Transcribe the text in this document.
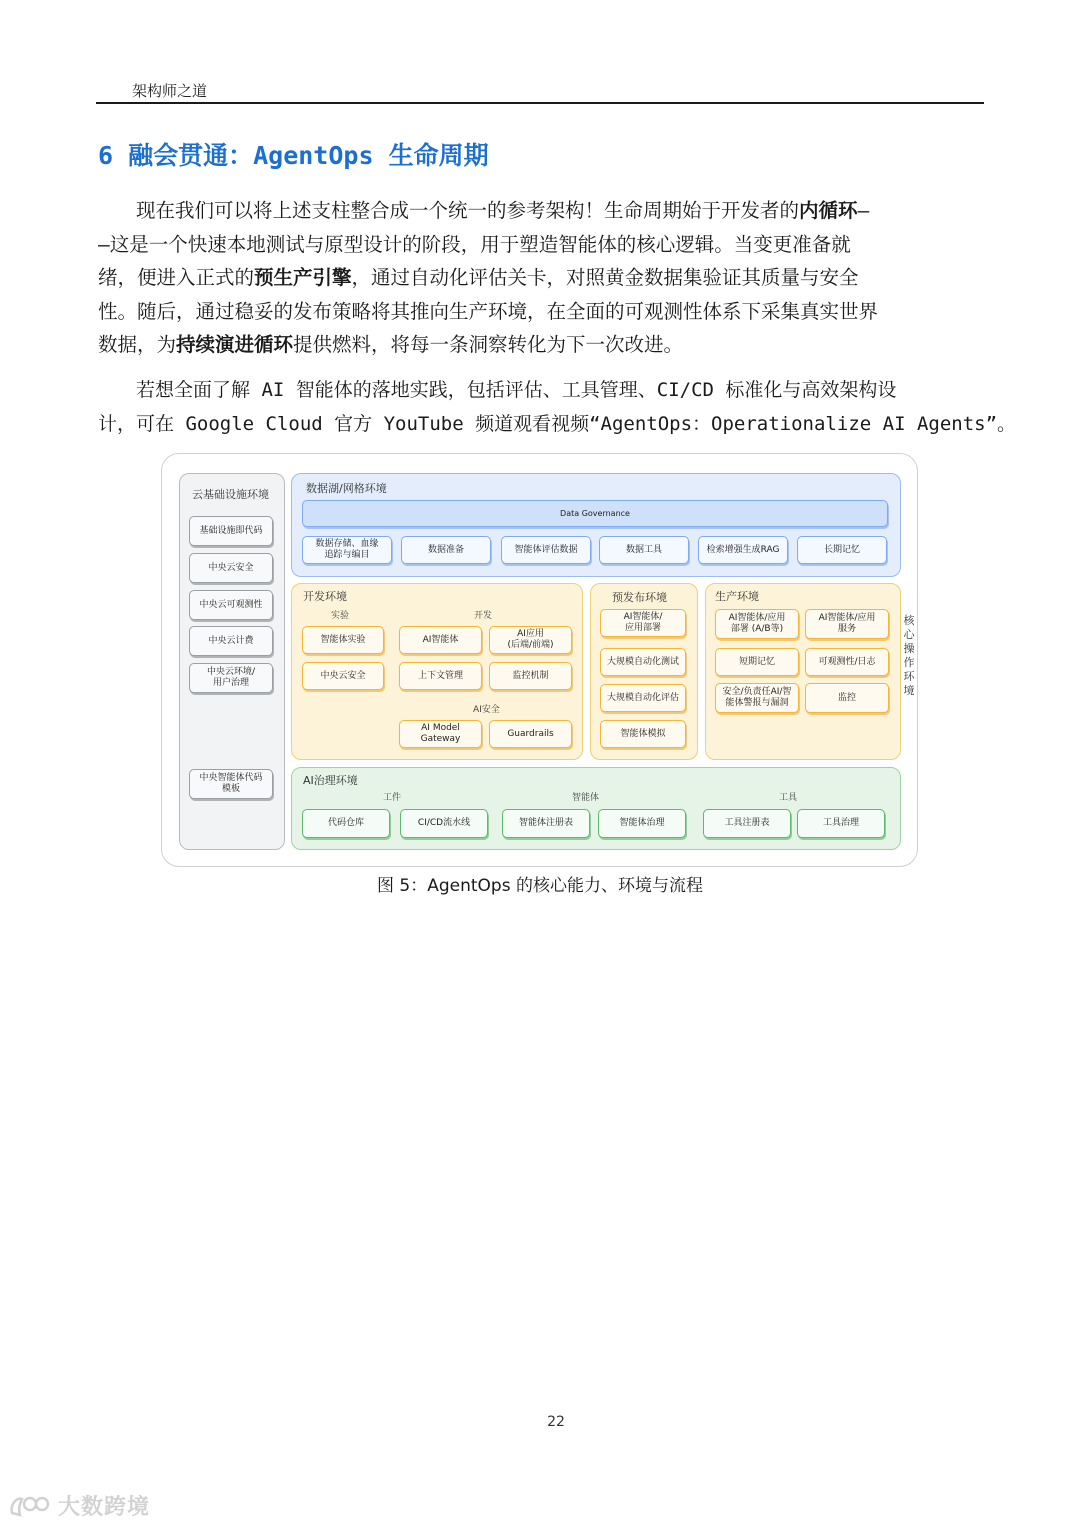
架构师之道
6 融会贯通：AgentOps 生命周期
现在我们可以将上述支柱整合成一个统一的参考架构！生命周期始于开发者的内循环—
—这是一个快速本地测试与原型设计的阶段，用于塑造智能体的核心逻辑。当变更准备就
绪，便进入正式的预生产引擎，通过自动化评估关卡，对照黄金数据集验证其质量与安全
性。随后，通过稳妥的发布策略将其推向生产环境，在全面的可观测性体系下采集真实世界
数据，为持续演进循环提供燃料，将每一条洞察转化为下一次改进。
若想全面了解 AI 智能体的落地实践，包括评估、工具管理、CI/CD 标准化与高效架构设
计，可在 Google Cloud 官方 YouTube 频道观看视频“AgentOps：Operationalize AI Agents”。
云基础设施环境
基础设施即代码
中央云安全
中央云可观测性
中央云计费
中央云环境/
用户治理
中央智能体代码
模板
数据湖/网格环境
Data Governance
数据存储、血缘
追踪与编目
数据准备	智能体评估数据	数据工具	检索增强生成RAG	长期记忆
开发环境
实验	开发
智能体实验	AI智能体
AI应用
(后端/前端)
中央云安全	上下文管理	监控机制
AI安全
AI Model Gateway
Guardrails
预发布环境
AI智能体/
应用部署
大规模自动化测试
大规模自动化评估
智能体模拟
生产环境
AI智能体/应用
部署 (A/B等)
AI智能体/应用
服务
短期记忆	可观测性/日志
安全/负责任AI/智
能体警报与漏洞
监控
核心操作环境
AI治理环境
工件	智能体	工具
代码仓库	CI/CD流水线	智能体注册表	智能体治理	工具注册表	工具治理
图 5：AgentOps 的核心能力、环境与流程
22
大数跨境
